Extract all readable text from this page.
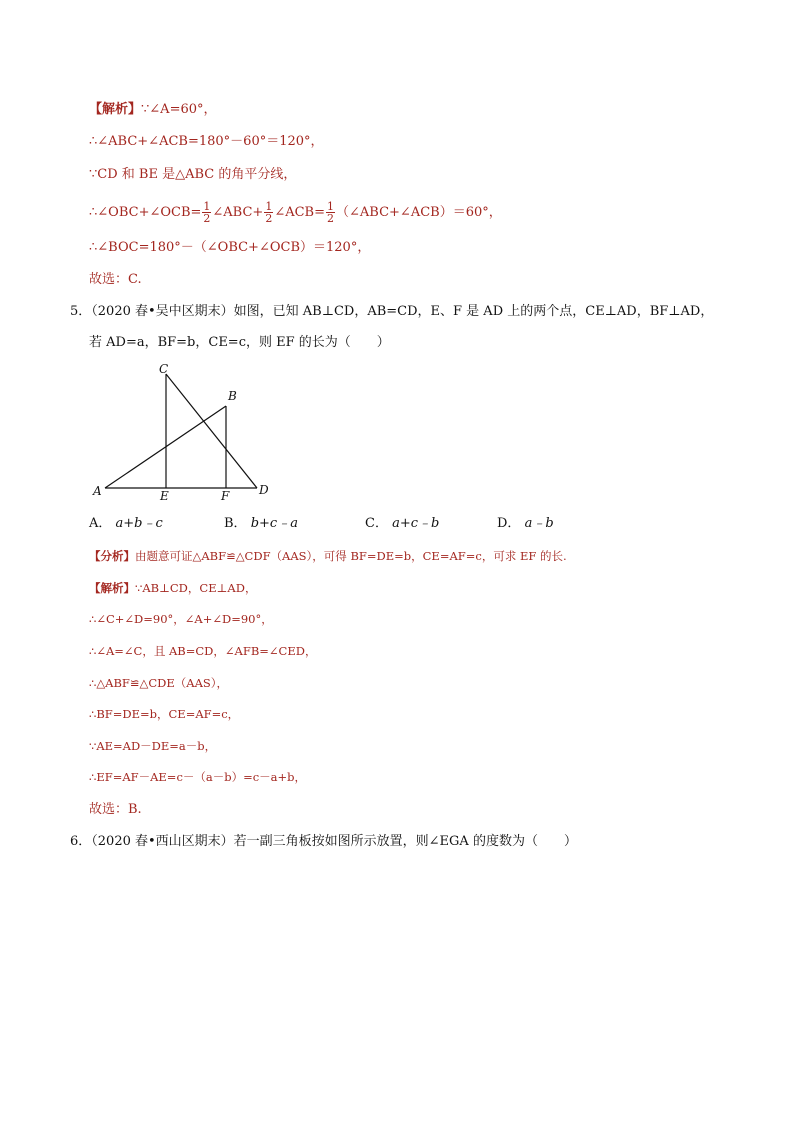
【解析】∵∠A=60°，
∴∠ABC+∠ACB=180°－60°＝120°，
∵CD 和 BE 是△ABC 的角平分线，
∴∠OBC+∠OCB= $\frac{1}{2}$ ∠ABC+ $\frac{1}{2}$ ∠ACB= $\frac{1}{2}$ （∠ABC+∠ACB）＝60°，
∴∠BOC=180°－（∠OBC+∠OCB）＝120°，
故选：C.
5．（2020 春•吴中区期末）如图，已知 AB⊥CD，AB=CD，E、F 是 AD 上的两个点，CE⊥AD，BF⊥AD，
若 AD=a，BF=b，CE=c，则 EF 的长为（　　）
C
B
A	E	F D
A． a+b﹣c	B． b+c﹣a	C． a+c﹣b	D． a﹣b
【分析】由题意可证△ABF≌△CDF（AAS），可得 BF=DE=b，CE=AF=c，可求 EF 的长.
【解析】∵AB⊥CD，CE⊥AD，
∴∠C+∠D=90°，∠A+∠D=90°，
∴∠A=∠C，且 AB=CD，∠AFB=∠CED，
∴△ABF≌△CDE（AAS），
∴BF=DE=b，CE=AF=c，
∵AE=AD－DE=a－b，
∴EF=AF－AE=c－（a－b）=c－a+b，
故选：B.
6．（2020 春•西山区期末）若一副三角板按如图所示放置，则∠EGA 的度数为（　　）
